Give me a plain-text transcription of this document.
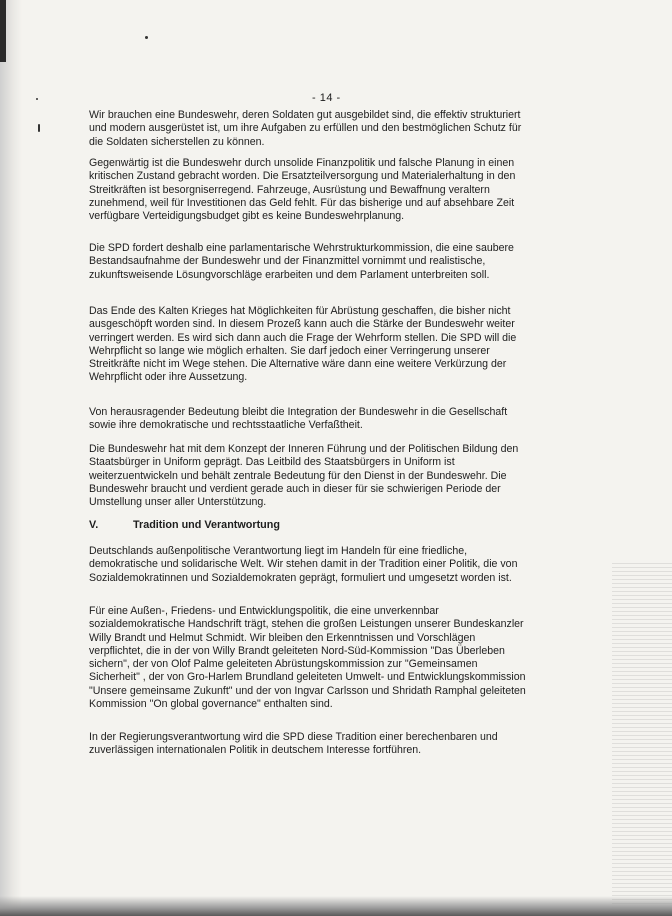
- 14 -

Wir brauchen eine Bundeswehr, deren Soldaten gut ausgebildet sind, die effektiv strukturiert und modern ausgerüstet ist, um ihre Aufgaben zu erfüllen und den bestmöglichen Schutz für die Soldaten sicherstellen zu können.

Gegenwärtig ist die Bundeswehr durch unsolide Finanzpolitik und falsche Planung in einen kritischen Zustand gebracht worden. Die Ersatzteilversorgung und Materialerhaltung in den Streitkräften ist besorgniserregend. Fahrzeuge, Ausrüstung und Bewaffnung veraltern zunehmend, weil für Investitionen das Geld fehlt. Für das bisherige und auf absehbare Zeit verfügbare Verteidigungsbudget gibt es keine Bundeswehrplanung.

Die SPD fordert deshalb eine parlamentarische Wehrstrukturkommission, die eine saubere Bestandsaufnahme der Bundeswehr und der Finanzmittel vornimmt und realistische, zukunftsweisende Lösungvorschläge erarbeiten und dem Parlament unterbreiten soll.

Das Ende des Kalten Krieges hat Möglichkeiten für Abrüstung geschaffen, die bisher nicht ausgeschöpft worden sind. In diesem Prozeß kann auch die Stärke der Bundeswehr weiter verringert werden. Es wird sich dann auch die Frage der Wehrform stellen. Die SPD will die Wehrpflicht so lange wie möglich erhalten. Sie darf jedoch einer Verringerung unserer Streitkräfte nicht im Wege stehen. Die Alternative wäre dann eine weitere Verkürzung der Wehrpflicht oder ihre Aussetzung.

Von herausragender Bedeutung bleibt die Integration der Bundeswehr in die Gesellschaft sowie ihre demokratische und rechtsstaatliche Verfaßtheit.

Die Bundeswehr hat mit dem Konzept der Inneren Führung und der Politischen Bildung den Staatsbürger in Uniform geprägt. Das Leitbild des Staatsbürgers in Uniform ist weiterzuentwickeln und behält zentrale Bedeutung für den Dienst in der Bundeswehr. Die Bundeswehr braucht und verdient gerade auch in dieser für sie schwierigen Periode der Umstellung unser aller Unterstützung.

V.	Tradition und Verantwortung

Deutschlands außenpolitische Verantwortung liegt im Handeln für eine friedliche, demokratische und solidarische Welt. Wir stehen damit in der Tradition einer Politik, die von Sozialdemokratinnen und Sozialdemokraten geprägt, formuliert und umgesetzt worden ist.

Für eine Außen-, Friedens- und Entwicklungspolitik, die eine unverkennbar sozialdemokratische Handschrift trägt, stehen die großen Leistungen unserer Bundeskanzler Willy Brandt und Helmut Schmidt. Wir bleiben den Erkenntnissen und Vorschlägen verpflichtet, die in der von Willy Brandt geleiteten Nord-Süd-Kommission "Das Überleben sichern", der von Olof Palme geleiteten Abrüstungskommission zur "Gemeinsamen Sicherheit" , der von Gro-Harlem Brundland geleiteten Umwelt- und Entwicklungskommission "Unsere gemeinsame Zukunft" und der von Ingvar Carlsson und Shridath Ramphal geleiteten Kommission "On global governance" enthalten sind.

In der Regierungsverantwortung wird die SPD diese Tradition einer berechenbaren und zuverlässigen internationalen Politik in deutschem Interesse fortführen.
